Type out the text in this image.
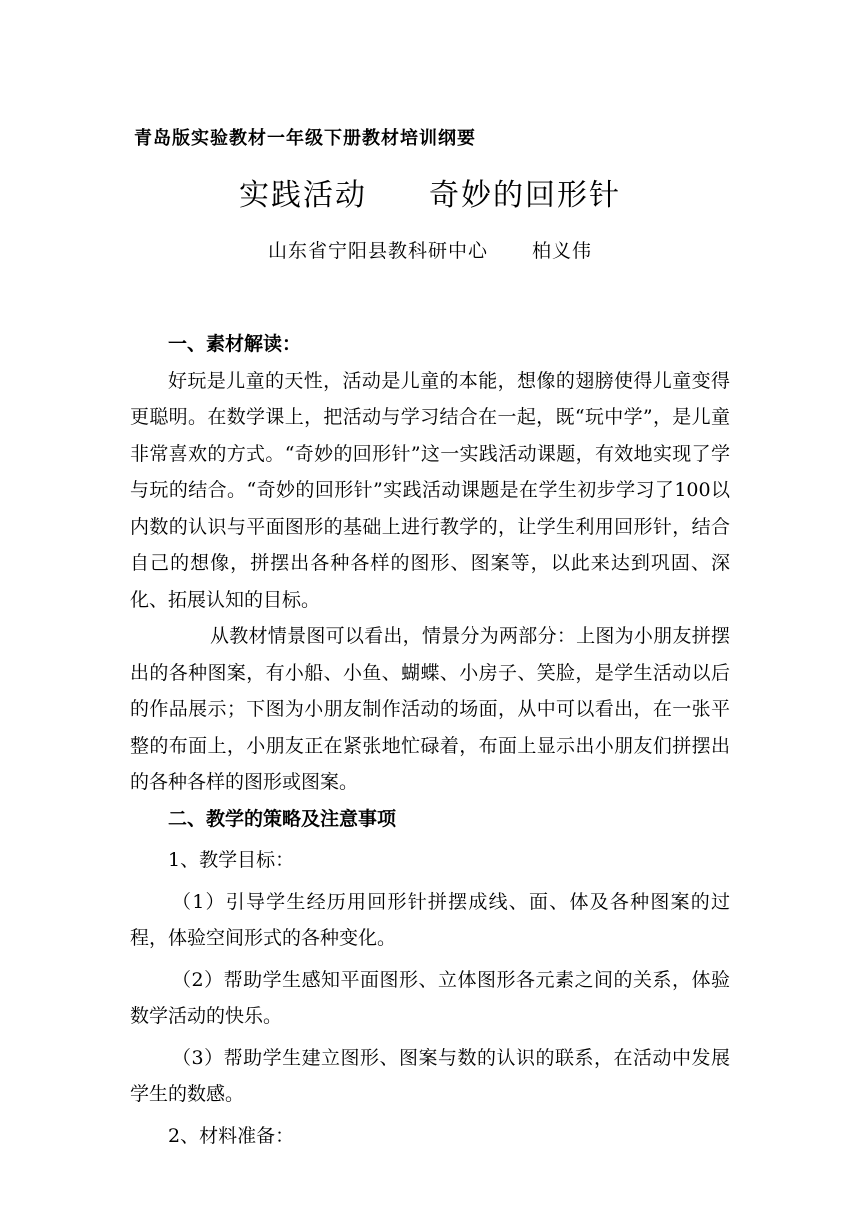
青岛版实验教材一年级下册教材培训纲要
实践活动 奇妙的回形针
山东省宁阳县教科研中心 柏义伟

一、素材解读：

好玩是儿童的天性，活动是儿童的本能，想像的翅膀使得儿童变得更聪明。在数学课上，把活动与学习结合在一起，既“玩中学”，是儿童非常喜欢的方式。“奇妙的回形针”这一实践活动课题，有效地实现了学与玩的结合。“奇妙的回形针”实践活动课题是在学生初步学习了100以内数的认识与平面图形的基础上进行教学的，让学生利用回形针，结合自己的想像，拼摆出各种各样的图形、图案等，以此来达到巩固、深化、拓展认知的目标。

从教材情景图可以看出，情景分为两部分：上图为小朋友拼摆出的各种图案，有小船、小鱼、蝴蝶、小房子、笑脸，是学生活动以后的作品展示；下图为小朋友制作活动的场面，从中可以看出，在一张平整的布面上，小朋友正在紧张地忙碌着，布面上显示出小朋友们拼摆出的各种各样的图形或图案。

二、教学的策略及注意事项

1、教学目标：

（1）引导学生经历用回形针拼摆成线、面、体及各种图案的过程，体验空间形式的各种变化。

（2）帮助学生感知平面图形、立体图形各元素之间的关系，体验数学活动的快乐。

（3）帮助学生建立图形、图案与数的认识的联系，在活动中发展学生的数感。

2、材料准备：
